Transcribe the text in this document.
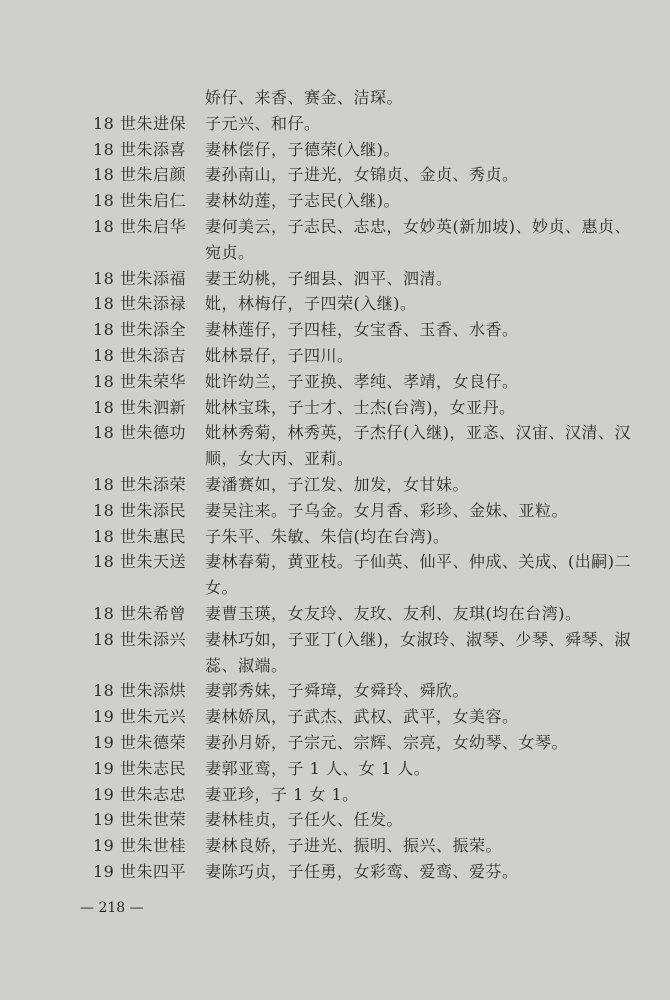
娇仔、来香、赛金、洁琛。
18 世朱进保 子元兴、和仔。
18 世朱添喜 妻林偿仔，子德荣(入继)。
18 世朱启颜 妻孙南山，子进光，女锦贞、金贞、秀贞。
18 世朱启仁 妻林幼莲，子志民(入继)。
18 世朱启华 妻何美云，子志民、志忠，女妙英(新加坡)、妙贞、惠贞、
宛贞。
18 世朱添福 妻王幼桃，子细县、泗平、泗清。
18 世朱添禄 妣，林梅仔，子四荣(入继)。
18 世朱添全 妻林莲仔，子四桂，女宝香、玉香、水香。
18 世朱添吉 妣林景仔，子四川。
18 世朱荣华 妣许幼兰，子亚换、孝纯、孝靖，女良仔。
18 世朱泗新 妣林宝珠，子士才、士杰(台湾)，女亚丹。
18 世朱德功 妣林秀菊，林秀英，子杰仔(入继)，亚忞、汉宙、汉清、汉
顺，女大丙、亚莉。
18 世朱添荣 妻潘赛如，子江发、加发，女甘妹。
18 世朱添民 妻吴注来。子乌金。女月香、彩珍、金妹、亚粒。
18 世朱惠民 子朱平、朱敏、朱信(均在台湾)。
18 世朱天送 妻林春菊，黄亚枝。子仙英、仙平、仲成、关成、(出嗣)二
女。
18 世朱希曾 妻曹玉瑛，女友玲、友玫、友利、友琪(均在台湾)。
18 世朱添兴 妻林巧如，子亚丁(入继)，女淑玲、淑琴、少琴、舜琴、淑
蕊、淑端。
18 世朱添烘 妻郭秀妹，子舜璋，女舜玲、舜欣。
19 世朱元兴 妻林娇凤，子武杰、武权、武平，女美容。
19 世朱德荣 妻孙月娇，子宗元、宗辉、宗亮，女幼琴、女琴。
19 世朱志民 妻郭亚鸾，子 1 人、女 1 人。
19 世朱志忠 妻亚珍，子 1 女 1。
19 世朱世荣 妻林桂贞，子任火、任发。
19 世朱世桂 妻林良娇，子进光、振明、振兴、振荣。
19 世朱四平 妻陈巧贞，子任勇，女彩鸾、爱鸾、爱芬。
— 218 —
